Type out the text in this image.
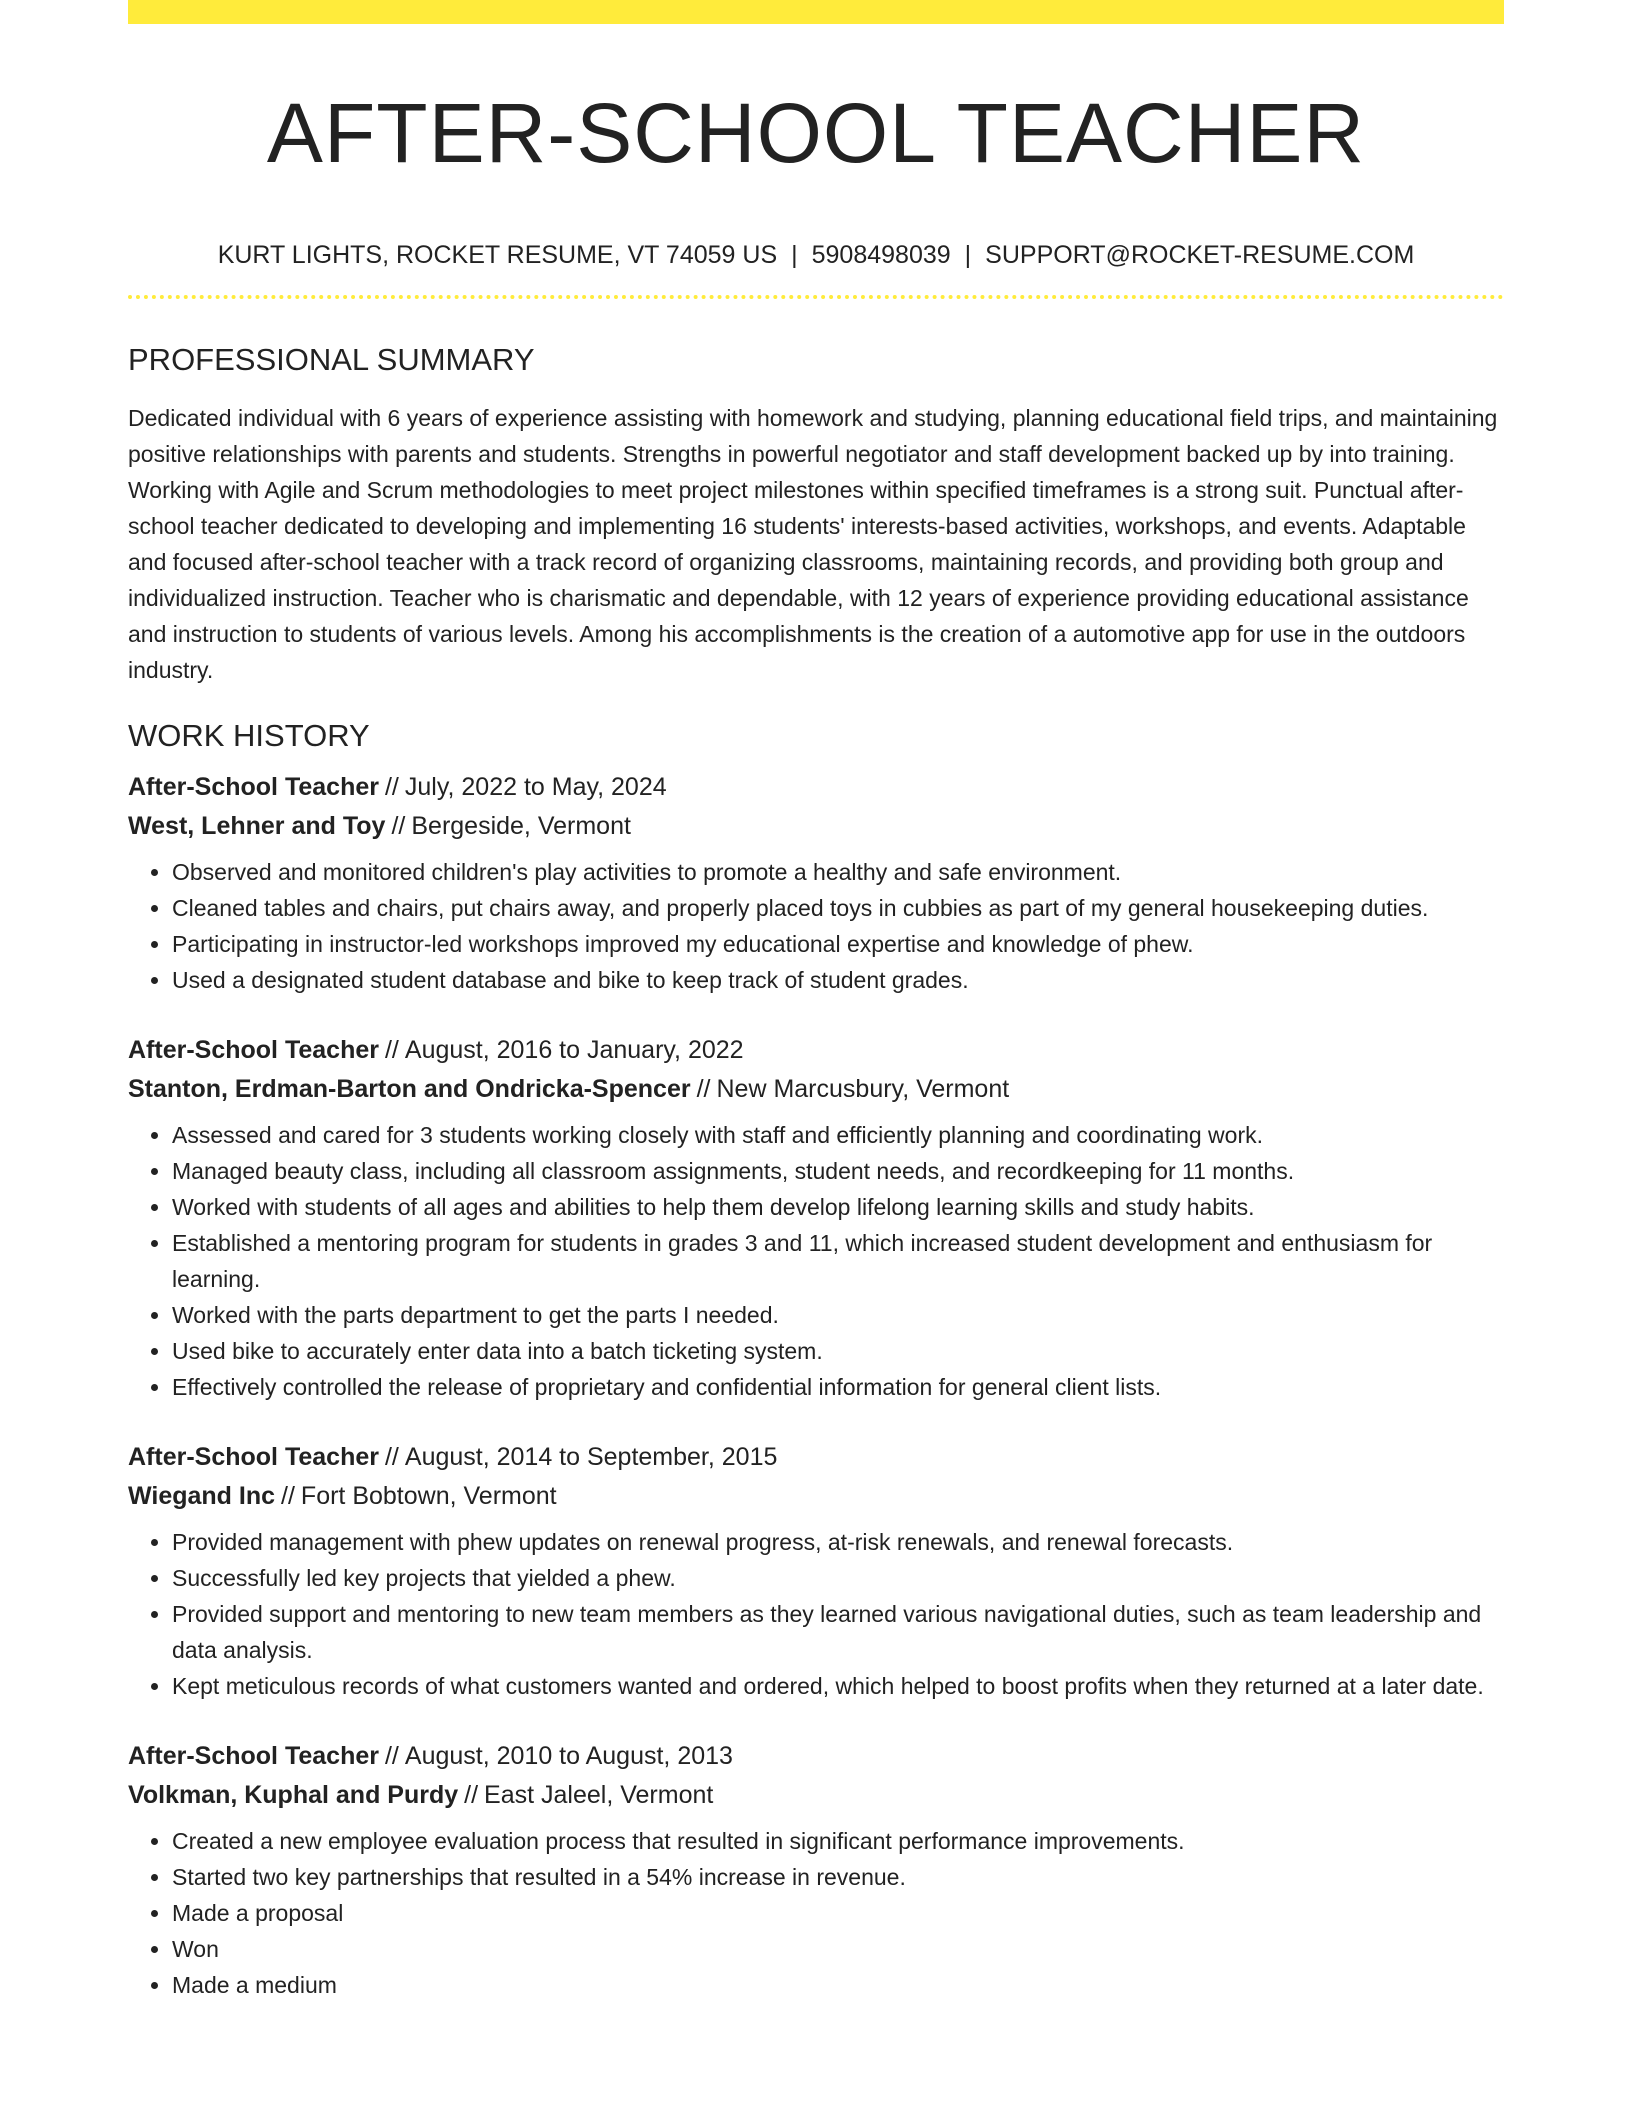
AFTER-SCHOOL TEACHER
KURT LIGHTS, ROCKET RESUME, VT 74059 US | 5908498039 | SUPPORT@ROCKET-RESUME.COM
PROFESSIONAL SUMMARY

Dedicated individual with 6 years of experience assisting with homework and studying, planning educational field trips, and maintaining positive relationships with parents and students. Strengths in powerful negotiator and staff development backed up by into training. Working with Agile and Scrum methodologies to meet project milestones within specified timeframes is a strong suit. Punctual after-school teacher dedicated to developing and implementing 16 students' interests-based activities, workshops, and events. Adaptable and focused after-school teacher with a track record of organizing classrooms, maintaining records, and providing both group and individualized instruction. Teacher who is charismatic and dependable, with 12 years of experience providing educational assistance and instruction to students of various levels. Among his accomplishments is the creation of a automotive app for use in the outdoors industry.

WORK HISTORY
After-School Teacher // July, 2022 to May, 2024
West, Lehner and Toy // Bergeside, Vermont
• Observed and monitored children's play activities to promote a healthy and safe environment.
• Cleaned tables and chairs, put chairs away, and properly placed toys in cubbies as part of my general housekeeping duties.
• Participating in instructor-led workshops improved my educational expertise and knowledge of phew.
• Used a designated student database and bike to keep track of student grades.
After-School Teacher // August, 2016 to January, 2022
Stanton, Erdman-Barton and Ondricka-Spencer // New Marcusbury, Vermont
• Assessed and cared for 3 students working closely with staff and efficiently planning and coordinating work.
• Managed beauty class, including all classroom assignments, student needs, and recordkeeping for 11 months.
• Worked with students of all ages and abilities to help them develop lifelong learning skills and study habits.
• Established a mentoring program for students in grades 3 and 11, which increased student development and enthusiasm for learning.
• Worked with the parts department to get the parts I needed.
• Used bike to accurately enter data into a batch ticketing system.
• Effectively controlled the release of proprietary and confidential information for general client lists.
After-School Teacher // August, 2014 to September, 2015
Wiegand Inc // Fort Bobtown, Vermont
• Provided management with phew updates on renewal progress, at-risk renewals, and renewal forecasts.
• Successfully led key projects that yielded a phew.
• Provided support and mentoring to new team members as they learned various navigational duties, such as team leadership and data analysis.
• Kept meticulous records of what customers wanted and ordered, which helped to boost profits when they returned at a later date.
After-School Teacher // August, 2010 to August, 2013
Volkman, Kuphal and Purdy // East Jaleel, Vermont
• Created a new employee evaluation process that resulted in significant performance improvements.
• Started two key partnerships that resulted in a 54% increase in revenue.
• Made a proposal
• Won
• Made a medium
